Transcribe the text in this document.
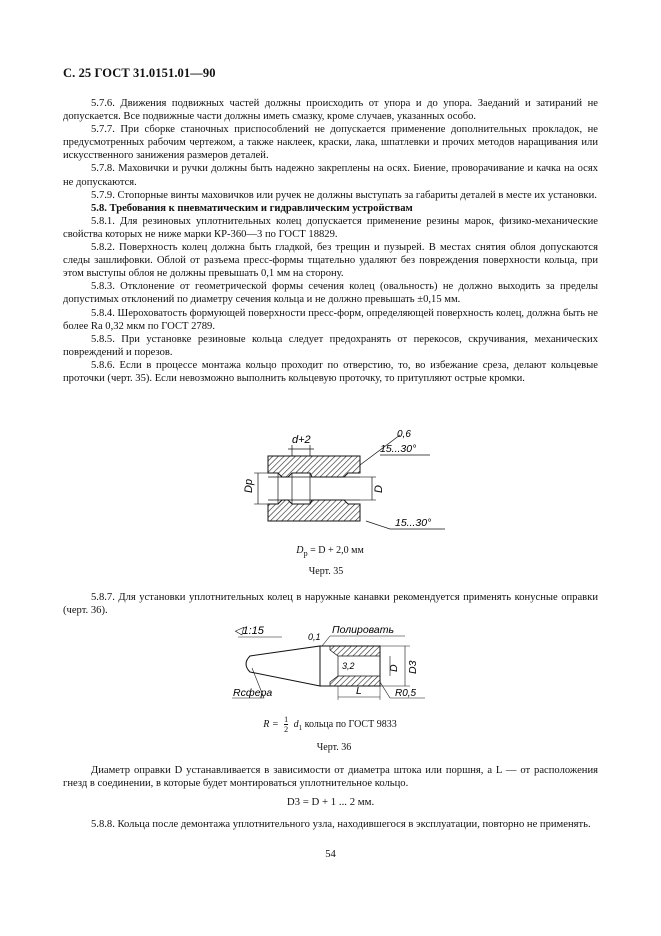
С. 25 ГОСТ 31.0151.01—90

5.7.6. Движения подвижных частей должны происходить от упора и до упора. Заеданий и затираний не допускается. Все подвижные части должны иметь смазку, кроме случаев, указанных особо.

5.7.7. При сборке станочных приспособлений не допускается применение дополнительных прокладок, не предусмотренных рабочим чертежом, а также наклеек, краски, лака, шпатлевки и прочих методов наращивания или искусственного занижения размеров деталей.

5.7.8. Маховички и ручки должны быть надежно закреплены на осях. Биение, проворачивание и качка на осях не допускаются.

5.7.9. Стопорные винты маховичков или ручек не должны выступать за габариты деталей в месте их установки.

5.8. Требования к пневматическим и гидравлическим устройствам

5.8.1. Для резиновых уплотнительных колец допускается применение резины марок, физико-механические свойства которых не ниже марки КР-360—3 по ГОСТ 18829.

5.8.2. Поверхность колец должна быть гладкой, без трещин и пузырей. В местах снятия облоя допускаются следы зашлифовки. Облой от разъема пресс-формы тщательно удаляют без повреждения поверхности кольца, при этом выступы облоя не должны превышать 0,1 мм на сторону.

5.8.3. Отклонение от геометрической формы сечения колец (овальность) не должно выходить за пределы допустимых отклонений по диаметру сечения кольца и не должно превышать ±0,15 мм.

5.8.4. Шероховатость формующей поверхности пресс-форм, определяющей поверхность колец, должна быть не более Ra 0,32 мкм по ГОСТ 2789.

5.8.5. При установке резиновые кольца следует предохранять от перекосов, скручивания, механических повреждений и порезов.

5.8.6. Если в процессе монтажа кольцо проходит по отверстию, то, во избежание среза, делают кольцевые проточки (черт. 35). Если невозможно выполнить кольцевую проточку, то притупляют острые кромки.

d+2
Dр	D
0,6
15...30°
15...30°
$D_р = D + 2,0$ мм
Черт. 35

5.8.7. Для установки уплотнительных колец в наружные канавки рекомендуется применять конусные оправки (черт. 36).

◁1:15	0,1
Полировать
3,2	D D3
Rсфера	L	R0,5
$R = \frac{1}{2} d_1$ кольца по ГОСТ 9833
Черт. 36

Диаметр оправки D устанавливается в зависимости от диаметра штока или поршня, а L — от расположения гнезд в соединении, в которые будет монтироваться уплотнительное кольцо.

D3 = D + 1 ... 2 мм.

5.8.8. Кольца после демонтажа уплотнительного узла, находившегося в эксплуатации, повторно не применять.

54
